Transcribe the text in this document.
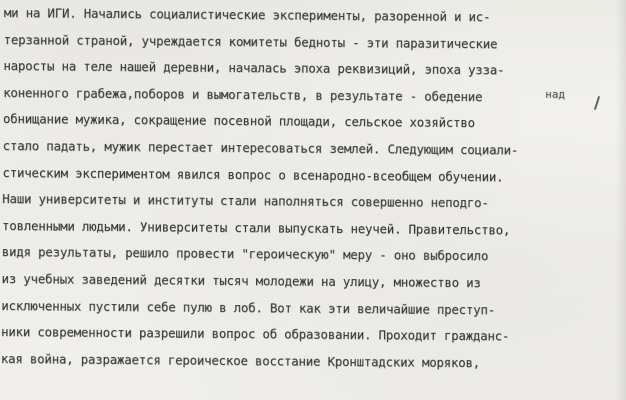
ми на ИГИ. Начались социалистические эксперименты, разоренной и ис-
терзанной страной, учреждается комитеты бедноты - эти паразитические
наросты на теле нашей деревни, началась эпоха реквизиций, эпоха узза-
над
коненного грабежа,поборов и вымогательств, в результате - обедение
обнищание мужика, сокращение посевной площади, сельское хозяйство
стало падать, мужик перестает интересоваться землей. Следующим социали-
стическим экспериментом явился вопрос о всенародно-всеобщем обучении.
Наши университеты и институты стали наполняться совершенно неподго-
товленными людьми. Университеты стали выпускать неучей. Правительство,
видя результаты, решило провести "героическую" меру - оно выбросило
из учебных заведений десятки тысяч молодежи на улицу, множество из
исключенных пустили себе пулю в лоб. Вот как эти величайшие преступ-
ники современности разрешили вопрос об образовании. Проходит гражданс-
кая война, разражается героическое восстание Кронштадских моряков,
